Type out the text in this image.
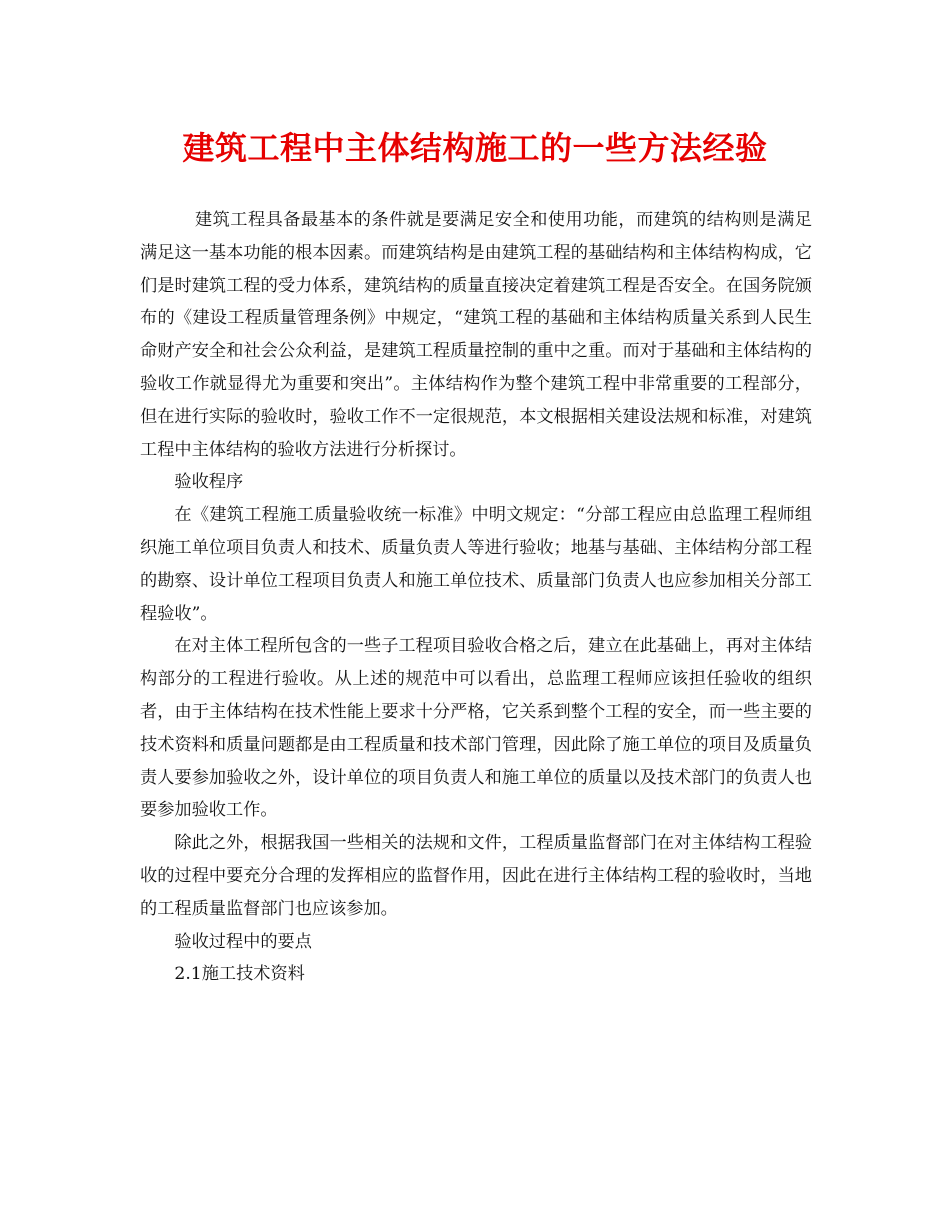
建筑工程中主体结构施工的一些方法经验

建筑工程具备最基本的条件就是要满足安全和使用功能，而建筑的结构则是满足满足这一基本功能的根本因素。而建筑结构是由建筑工程的基础结构和主体结构构成，它们是时建筑工程的受力体系，建筑结构的质量直接决定着建筑工程是否安全。在国务院颁布的《建设工程质量管理条例》中规定，“建筑工程的基础和主体结构质量关系到人民生命财产安全和社会公众利益，是建筑工程质量控制的重中之重。而对于基础和主体结构的验收工作就显得尤为重要和突出”。主体结构作为整个建筑工程中非常重要的工程部分，但在进行实际的验收时，验收工作不一定很规范，本文根据相关建设法规和标准，对建筑工程中主体结构的验收方法进行分析探讨。

验收程序

在《建筑工程施工质量验收统一标准》中明文规定：“分部工程应由总监理工程师组织施工单位项目负责人和技术、质量负责人等进行验收；地基与基础、主体结构分部工程的勘察、设计单位工程项目负责人和施工单位技术、质量部门负责人也应参加相关分部工程验收”。

在对主体工程所包含的一些子工程项目验收合格之后，建立在此基础上，再对主体结构部分的工程进行验收。从上述的规范中可以看出，总监理工程师应该担任验收的组织者，由于主体结构在技术性能上要求十分严格，它关系到整个工程的安全，而一些主要的技术资料和质量问题都是由工程质量和技术部门管理，因此除了施工单位的项目及质量负责人要参加验收之外，设计单位的项目负责人和施工单位的质量以及技术部门的负责人也要参加验收工作。

除此之外，根据我国一些相关的法规和文件，工程质量监督部门在对主体结构工程验收的过程中要充分合理的发挥相应的监督作用，因此在进行主体结构工程的验收时，当地的工程质量监督部门也应该参加。

验收过程中的要点

2.1施工技术资料
